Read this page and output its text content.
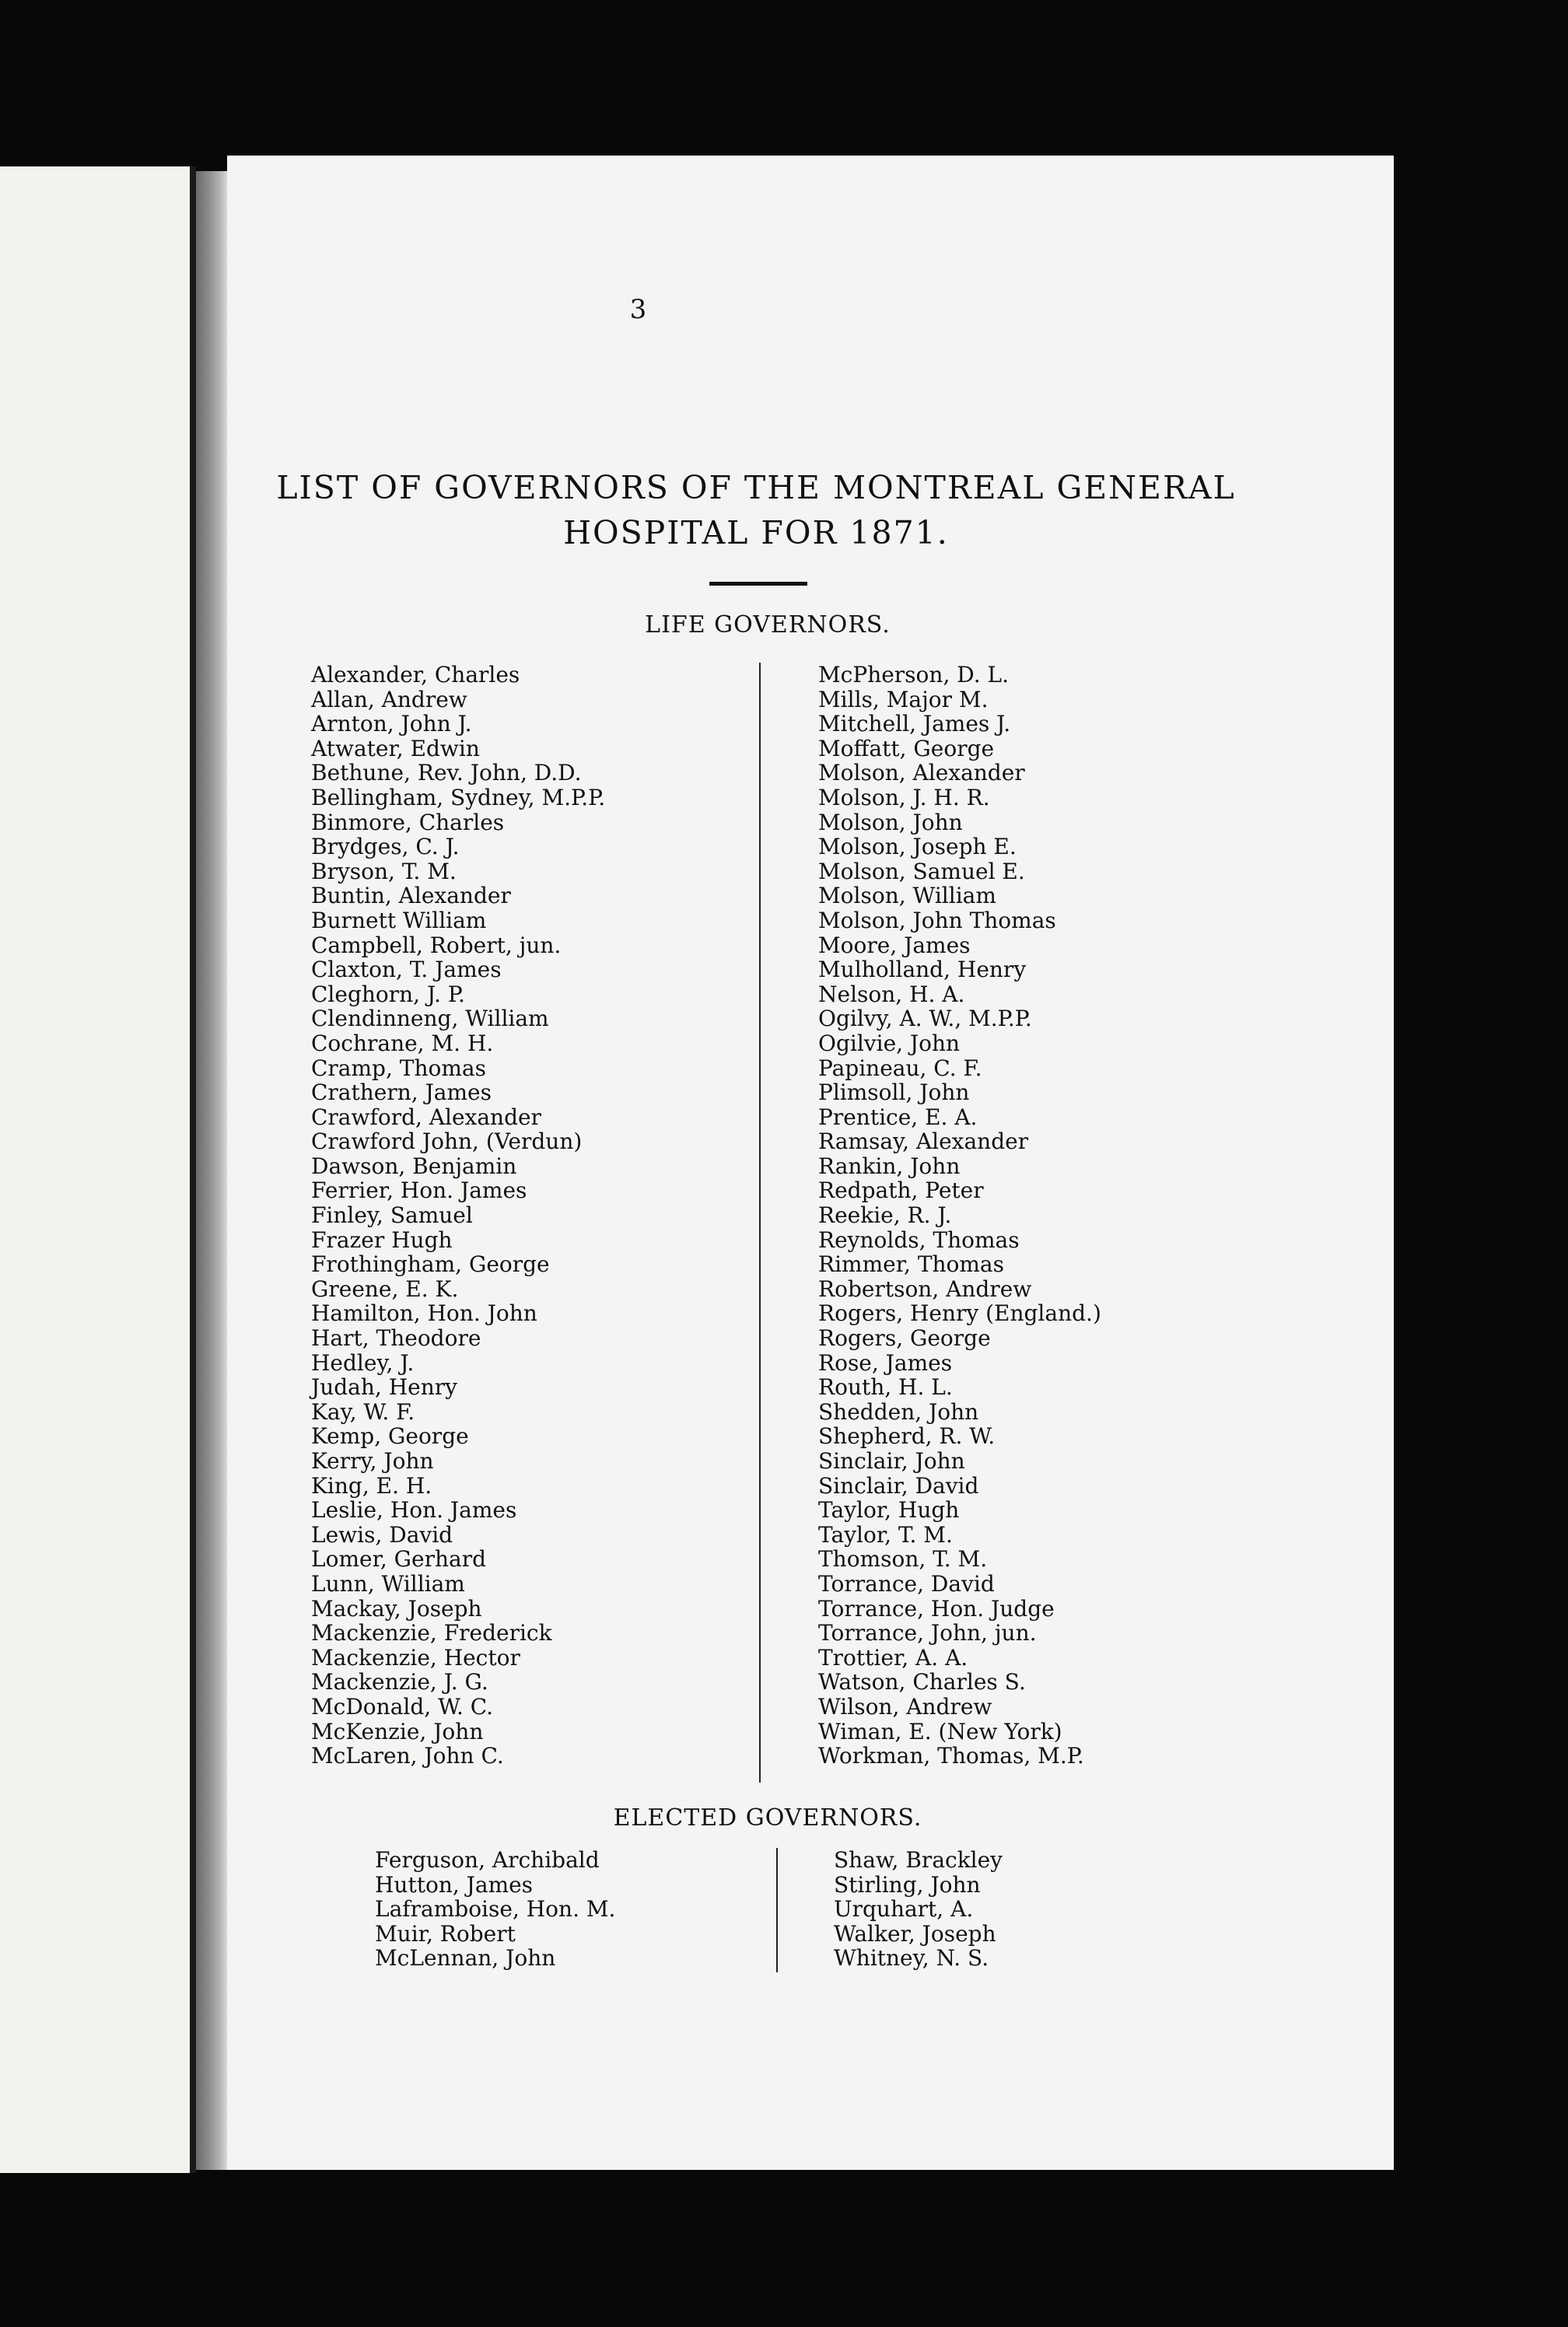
3
LIST OF GOVERNORS OF THE MONTREAL GENERAL
HOSPITAL FOR 1871.
LIFE GOVERNORS.
Alexander, Charles
Allan, Andrew
Arnton, John J.
Atwater, Edwin
Bethune, Rev. John, D.D.
Bellingham, Sydney, M.P.P.
Binmore, Charles
Brydges, C. J.
Bryson, T. M.
Buntin, Alexander
Burnett William
Campbell, Robert, jun.
Claxton, T. James
Cleghorn, J. P.
Clendinneng, William
Cochrane, M. H.
Cramp, Thomas
Crathern, James
Crawford, Alexander
Crawford John, (Verdun)
Dawson, Benjamin
Ferrier, Hon. James
Finley, Samuel
Frazer Hugh
Frothingham, George
Greene, E. K.
Hamilton, Hon. John
Hart, Theodore
Hedley, J.
Judah, Henry
Kay, W. F.
Kemp, George
Kerry, John
King, E. H.
Leslie, Hon. James
Lewis, David
Lomer, Gerhard
Lunn, William
Mackay, Joseph
Mackenzie, Frederick
Mackenzie, Hector
Mackenzie, J. G.
McDonald, W. C.
McKenzie, John
McLaren, John C.
McPherson, D. L.
Mills, Major M.
Mitchell, James J.
Moffatt, George
Molson, Alexander
Molson, J. H. R.
Molson, John
Molson, Joseph E.
Molson, Samuel E.
Molson, William
Molson, John Thomas
Moore, James
Mulholland, Henry
Nelson, H. A.
Ogilvy, A. W., M.P.P.
Ogilvie, John
Papineau, C. F.
Plimsoll, John
Prentice, E. A.
Ramsay, Alexander
Rankin, John
Redpath, Peter
Reekie, R. J.
Reynolds, Thomas
Rimmer, Thomas
Robertson, Andrew
Rogers, Henry (England.)
Rogers, George
Rose, James
Routh, H. L.
Shedden, John
Shepherd, R. W.
Sinclair, John
Sinclair, David
Taylor, Hugh
Taylor, T. M.
Thomson, T. M.
Torrance, David
Torrance, Hon. Judge
Torrance, John, jun.
Trottier, A. A.
Watson, Charles S.
Wilson, Andrew
Wiman, E. (New York)
Workman, Thomas, M.P.
ELECTED GOVERNORS.
Ferguson, Archibald
Hutton, James
Laframboise, Hon. M.
Muir, Robert
McLennan, John
Shaw, Brackley
Stirling, John
Urquhart, A.
Walker, Joseph
Whitney, N. S.
